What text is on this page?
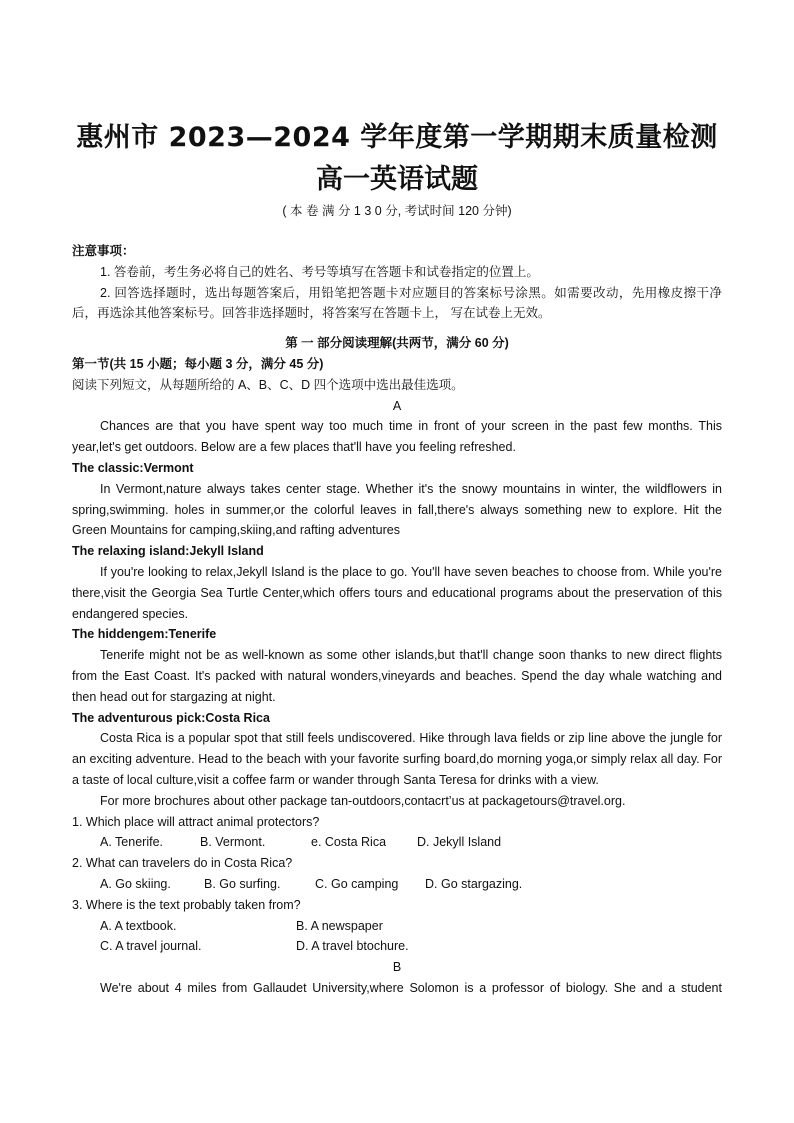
惠州市 2023—2024 学年度第一学期期末质量检测
高一英语试题
( 本 卷 满 分 1 3 0 分, 考试时间 120 分钟)

注意事项：

1. 答卷前，考生务必将自己的姓名、考号等填写在答题卡和试卷指定的位置上。

2. 回答选择题时，选出每题答案后，用铅笔把答题卡对应题目的答案标号涂黑。如需要改动，先用橡皮擦干净后，再选涂其他答案标号。回答非选择题时，将答案写在答题卡上， 写在试卷上无效。

第 一 部分阅读理解(共两节，满分 60 分)

第一节(共 15 小题；每小题 3 分，满分 45 分)

阅读下列短文，从每题所给的 A、B、C、D 四个选项中选出最佳选项。

A

Chances are that you have spent way too much time in front of your screen in the past few months. This year,let's get outdoors. Below are a few places that'll have you feeling refreshed.

The classic:Vermont

In Vermont,nature always takes center stage. Whether it's the snowy mountains in winter, the wildflowers in spring,swimming. holes in summer,or the colorful leaves in fall,there's always something new to explore. Hit the Green Mountains for camping,skiing,and rafting adventures

The relaxing island:Jekyll Island

If you're looking to relax,Jekyll Island is the place to go. You'll have seven beaches to choose from. While you're there,visit the Georgia Sea Turtle Center,which offers tours and educational programs about the preservation of this endangered species.

The hiddengem:Tenerife

Tenerife might not be as well-known as some other islands,but that'll change soon thanks to new direct flights from the East Coast. It's packed with natural wonders,vineyards and beaches. Spend the day whale watching and then head out for stargazing at night.

The adventurous pick:Costa Rica

Costa Rica is a popular spot that still feels undiscovered. Hike through lava fields or zip line above the jungle for an exciting adventure. Head to the beach with your favorite surfing board,do morning yoga,or simply relax all day. For a taste of local culture,visit a coffee farm or wander through Santa Teresa for drinks with a view.

For more brochures about other package tan-outdoors,contacrt’us at packagetours@travel.org.

1. Which place will attract animal protectors?

A. Tenerife.	B. Vermont.	e. Costa Rica D. Jekyll Island

2. What can travelers do in Costa Rica?

A. Go skiing.	B. Go surfing.	C. Go camping D. Go stargazing.

3. Where is the text probably taken from?

A. A textbook.	B. A newspaper

C. A travel journal.	D. A travel btochure.

B

We're about 4 miles from Gallaudet University,where Solomon is a professor of biology. She and a student
